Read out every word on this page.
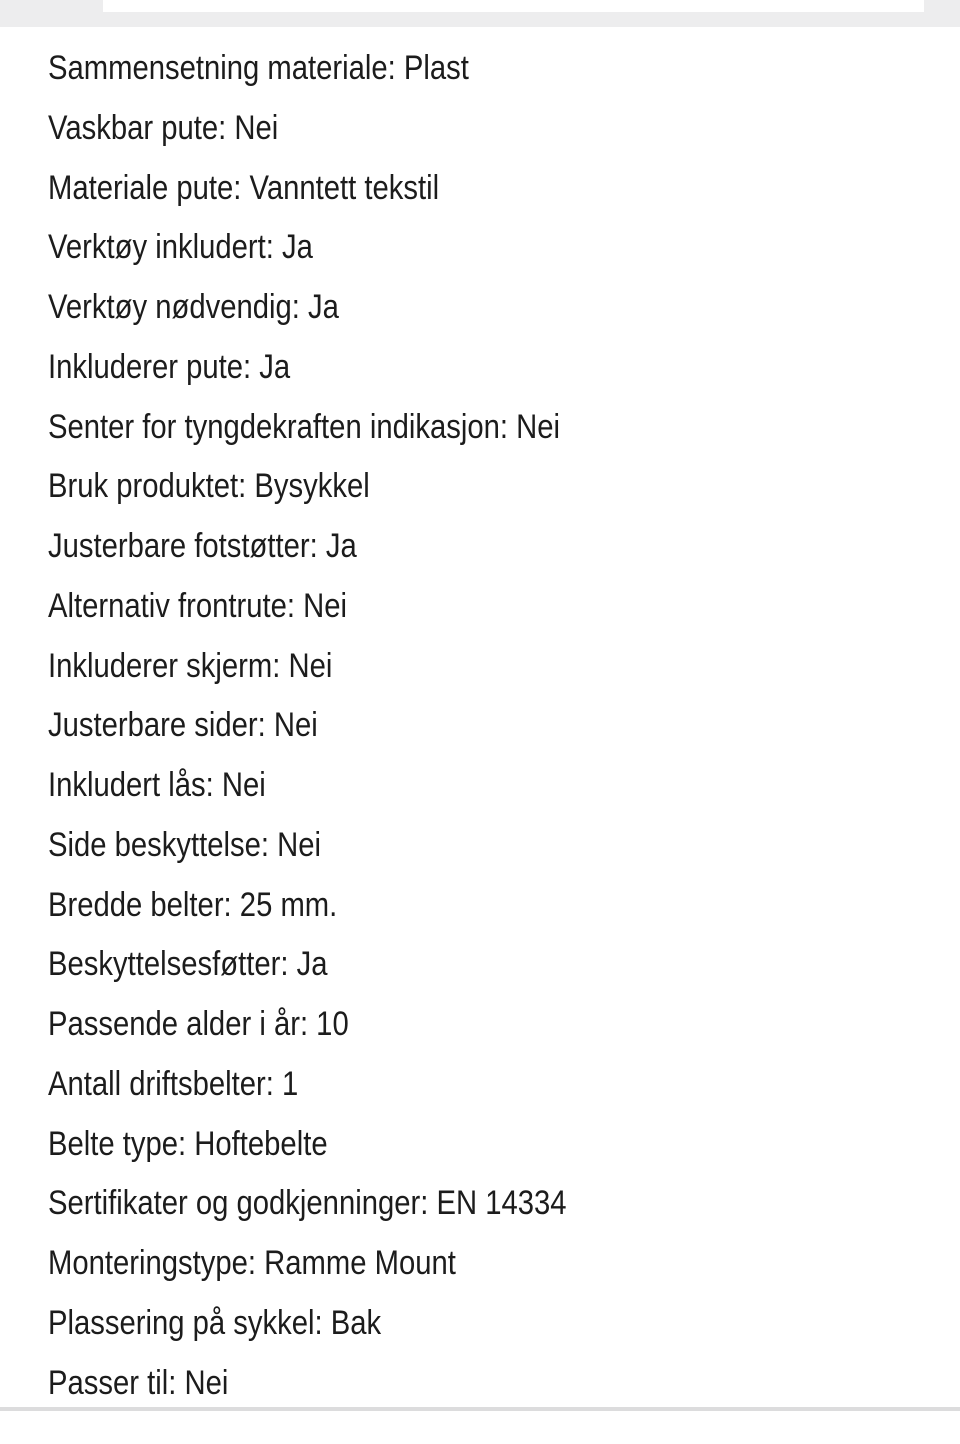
Sammensetning materiale: Plast
Vaskbar pute: Nei
Materiale pute: Vanntett tekstil
Verktøy inkludert: Ja
Verktøy nødvendig: Ja
Inkluderer pute: Ja
Senter for tyngdekraften indikasjon: Nei
Bruk produktet: Bysykkel
Justerbare fotstøtter: Ja
Alternativ frontrute: Nei
Inkluderer skjerm: Nei
Justerbare sider: Nei
Inkludert lås: Nei
Side beskyttelse: Nei
Bredde belter: 25 mm.
Beskyttelsesføtter: Ja
Passende alder i år: 10
Antall driftsbelter: 1
Belte type: Hoftebelte
Sertifikater og godkjenninger: EN 14334
Monteringstype: Ramme Mount
Plassering på sykkel: Bak
Passer til: Nei
